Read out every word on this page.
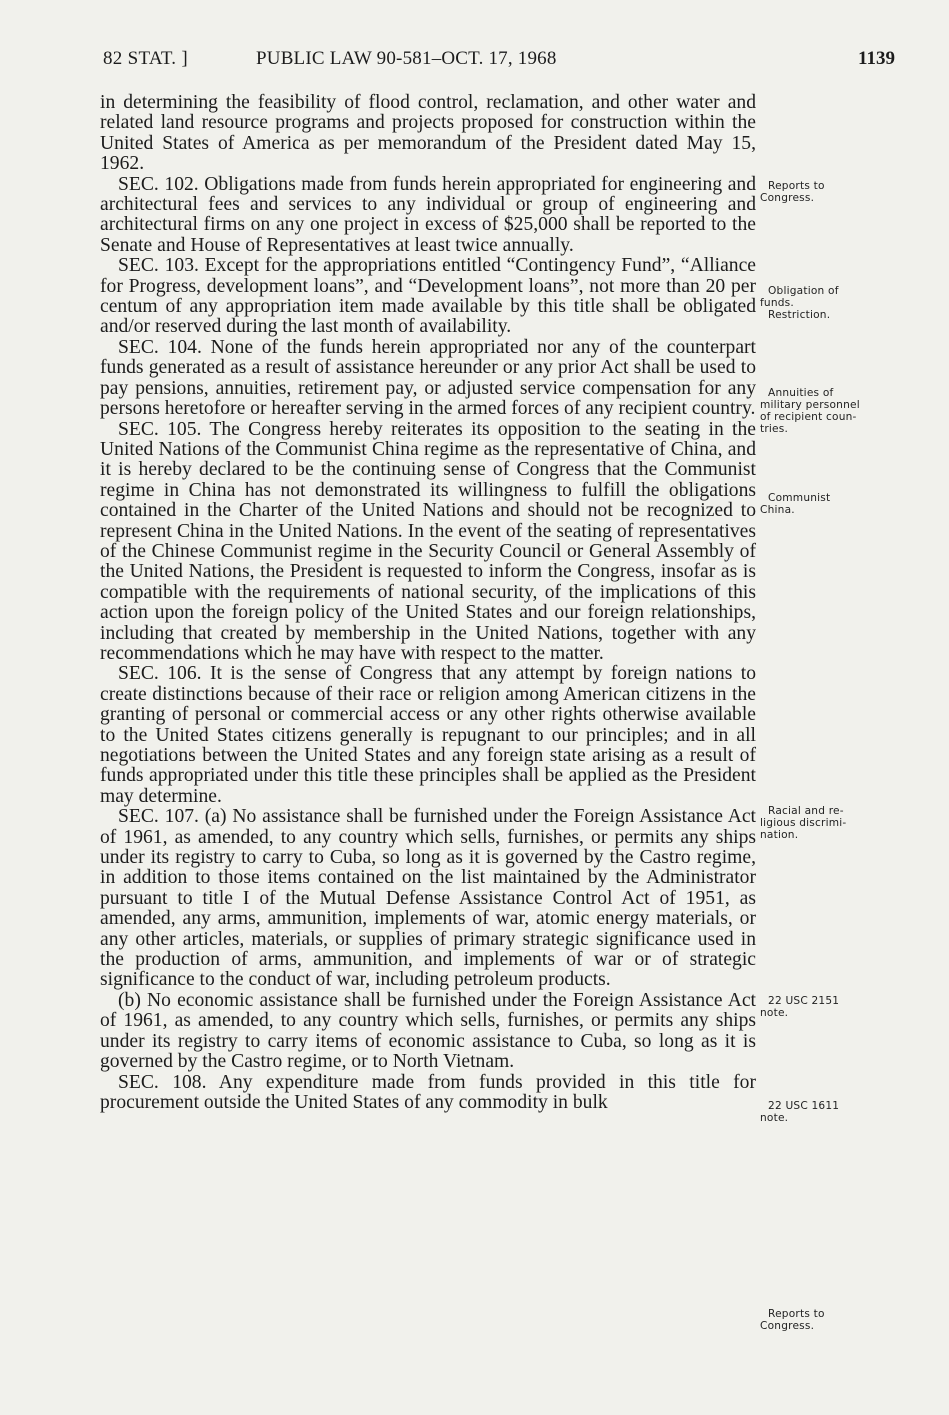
82 STAT. ]	PUBLIC LAW 90-581–OCT. 17, 1968	1139

in determining the feasibility of flood control, reclamation, and other water and related land resource programs and projects proposed for construction within the United States of America as per memorandum of the President dated May 15, 1962.

SEC. 102. Obligations made from funds herein appropriated for engineering and architectural fees and services to any individual or group of engineering and architectural firms on any one project in excess of $25,000 shall be reported to the Senate and House of Representatives at least twice annually.

SEC. 103. Except for the appropriations entitled “Contingency Fund”, “Alliance for Progress, development loans”, and “Development loans”, not more than 20 per centum of any appropriation item made available by this title shall be obligated and/or reserved during the last month of availability.

SEC. 104. None of the funds herein appropriated nor any of the counterpart funds generated as a result of assistance hereunder or any prior Act shall be used to pay pensions, annuities, retirement pay, or adjusted service compensation for any persons heretofore or hereafter serving in the armed forces of any recipient country.

SEC. 105. The Congress hereby reiterates its opposition to the seating in the United Nations of the Communist China regime as the representative of China, and it is hereby declared to be the continuing sense of Congress that the Communist regime in China has not demonstrated its willingness to fulfill the obligations contained in the Charter of the United Nations and should not be recognized to represent China in the United Nations. In the event of the seating of representatives of the Chinese Communist regime in the Security Council or General Assembly of the United Nations, the President is requested to inform the Congress, insofar as is compatible with the requirements of national security, of the implications of this action upon the foreign policy of the United States and our foreign relationships, including that created by membership in the United Nations, together with any recommendations which he may have with respect to the matter.

SEC. 106. It is the sense of Congress that any attempt by foreign nations to create distinctions because of their race or religion among American citizens in the granting of personal or commercial access or any other rights otherwise available to the United States citizens generally is repugnant to our principles; and in all negotiations between the United States and any foreign state arising as a result of funds appropriated under this title these principles shall be applied as the President may determine.

SEC. 107. (a) No assistance shall be furnished under the Foreign Assistance Act of 1961, as amended, to any country which sells, furnishes, or permits any ships under its registry to carry to Cuba, so long as it is governed by the Castro regime, in addition to those items contained on the list maintained by the Administrator pursuant to title I of the Mutual Defense Assistance Control Act of 1951, as amended, any arms, ammunition, implements of war, atomic energy materials, or any other articles, materials, or supplies of primary strategic significance used in the production of arms, ammunition, and implements of war or of strategic significance to the conduct of war, including petroleum products.

(b) No economic assistance shall be furnished under the Foreign Assistance Act of 1961, as amended, to any country which sells, furnishes, or permits any ships under its registry to carry items of economic assistance to Cuba, so long as it is governed by the Castro regime, or to North Vietnam.

SEC. 108. Any expenditure made from funds provided in this title for procurement outside the United States of any commodity in bulk

Reports to
Congress.
Obligation of
funds.
Restriction.
Annuities of
military personnel
of recipient coun-
tries.
Communist
China.
Racial and re-
ligious discrimi-
nation.
22 USC 2151
note.
22 USC 1611
note.
Reports to
Congress.
